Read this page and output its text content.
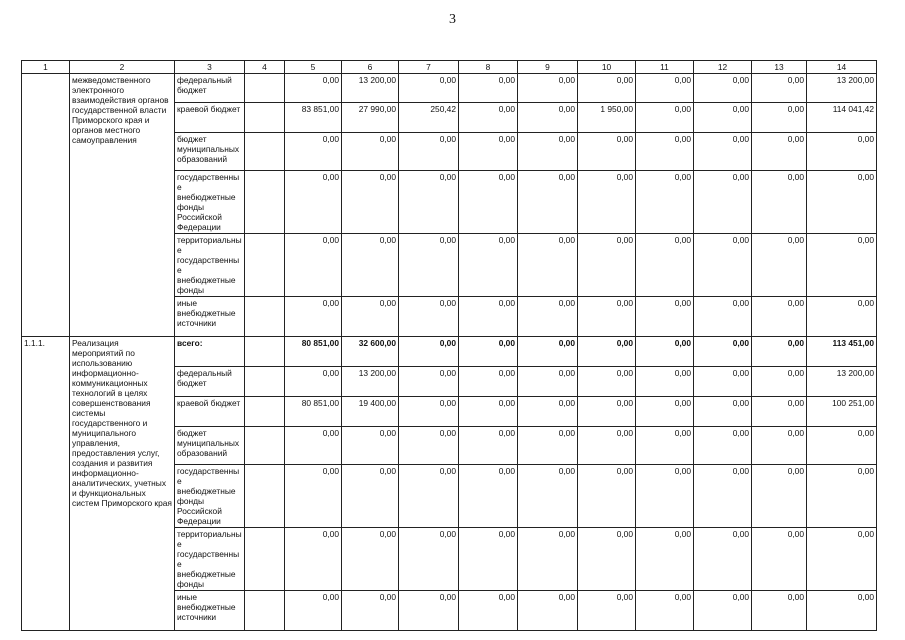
3
1	2	3	4	5	6	7	8	9	10	11	12	13	14
	межведомственного электронного взаимодействия органов государственной власти Приморского края и органов местного самоуправления	федеральный бюджет		0,00	13 200,00	0,00	0,00	0,00	0,00	0,00	0,00	0,00	13 200,00
		краевой бюджет		83 851,00	27 990,00	250,42	0,00	0,00	1 950,00	0,00	0,00	0,00	114 041,42
		бюджет муниципальных образований		0,00	0,00	0,00	0,00	0,00	0,00	0,00	0,00	0,00	0,00
		государственные внебюджетные фонды Российской Федерации		0,00	0,00	0,00	0,00	0,00	0,00	0,00	0,00	0,00	0,00
		территориальные государственные внебюджетные фонды		0,00	0,00	0,00	0,00	0,00	0,00	0,00	0,00	0,00	0,00
		иные внебюджетные источники		0,00	0,00	0,00	0,00	0,00	0,00	0,00	0,00	0,00	0,00
1.1.1.	Реализация мероприятий по использованию информационно-коммуникационных технологий в целях совершенствования системы государственного и муниципального управления, предоставления услуг, создания и развития информационно-аналитических, учетных и функциональных систем Приморского края	всего:		80 851,00	32 600,00	0,00	0,00	0,00	0,00	0,00	0,00	0,00	113 451,00
		федеральный бюджет		0,00	13 200,00	0,00	0,00	0,00	0,00	0,00	0,00	0,00	13 200,00
		краевой бюджет		80 851,00	19 400,00	0,00	0,00	0,00	0,00	0,00	0,00	0,00	100 251,00
		бюджет муниципальных образований		0,00	0,00	0,00	0,00	0,00	0,00	0,00	0,00	0,00	0,00
		государственные внебюджетные фонды Российской Федерации		0,00	0,00	0,00	0,00	0,00	0,00	0,00	0,00	0,00	0,00
		территориальные государственные внебюджетные фонды		0,00	0,00	0,00	0,00	0,00	0,00	0,00	0,00	0,00	0,00
		иные внебюджетные источники		0,00	0,00	0,00	0,00	0,00	0,00	0,00	0,00	0,00	0,00
